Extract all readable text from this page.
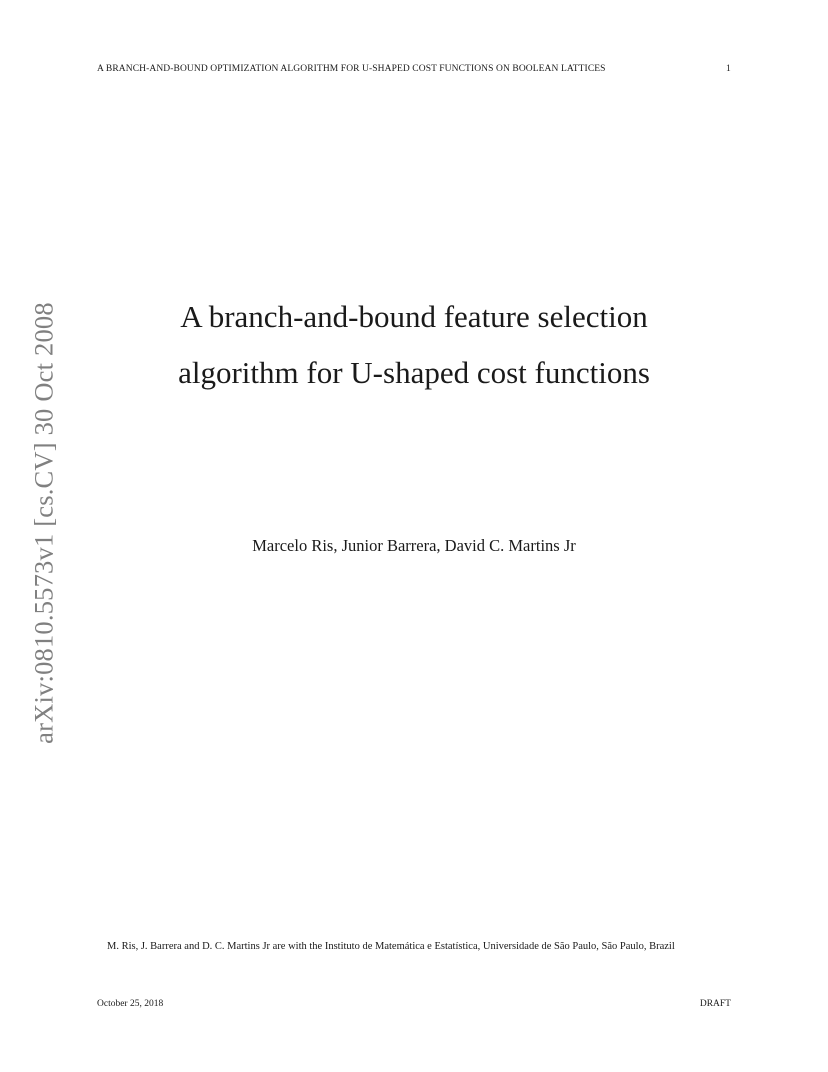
A BRANCH-AND-BOUND OPTIMIZATION ALGORITHM FOR U-SHAPED COST FUNCTIONS ON BOOLEAN LATTICES	1
arXiv:0810.5573v1 [cs.CV] 30 Oct 2008	A branch-and-bound feature selection
algorithm for U-shaped cost functions
Marcelo Ris, Junior Barrera, David C. Martins Jr
M. Ris, J. Barrera and D. C. Martins Jr are with the Instituto de Matemática e Estatística, Universidade de São Paulo, São Paulo, Brazil
October 25, 2018	DRAFT
